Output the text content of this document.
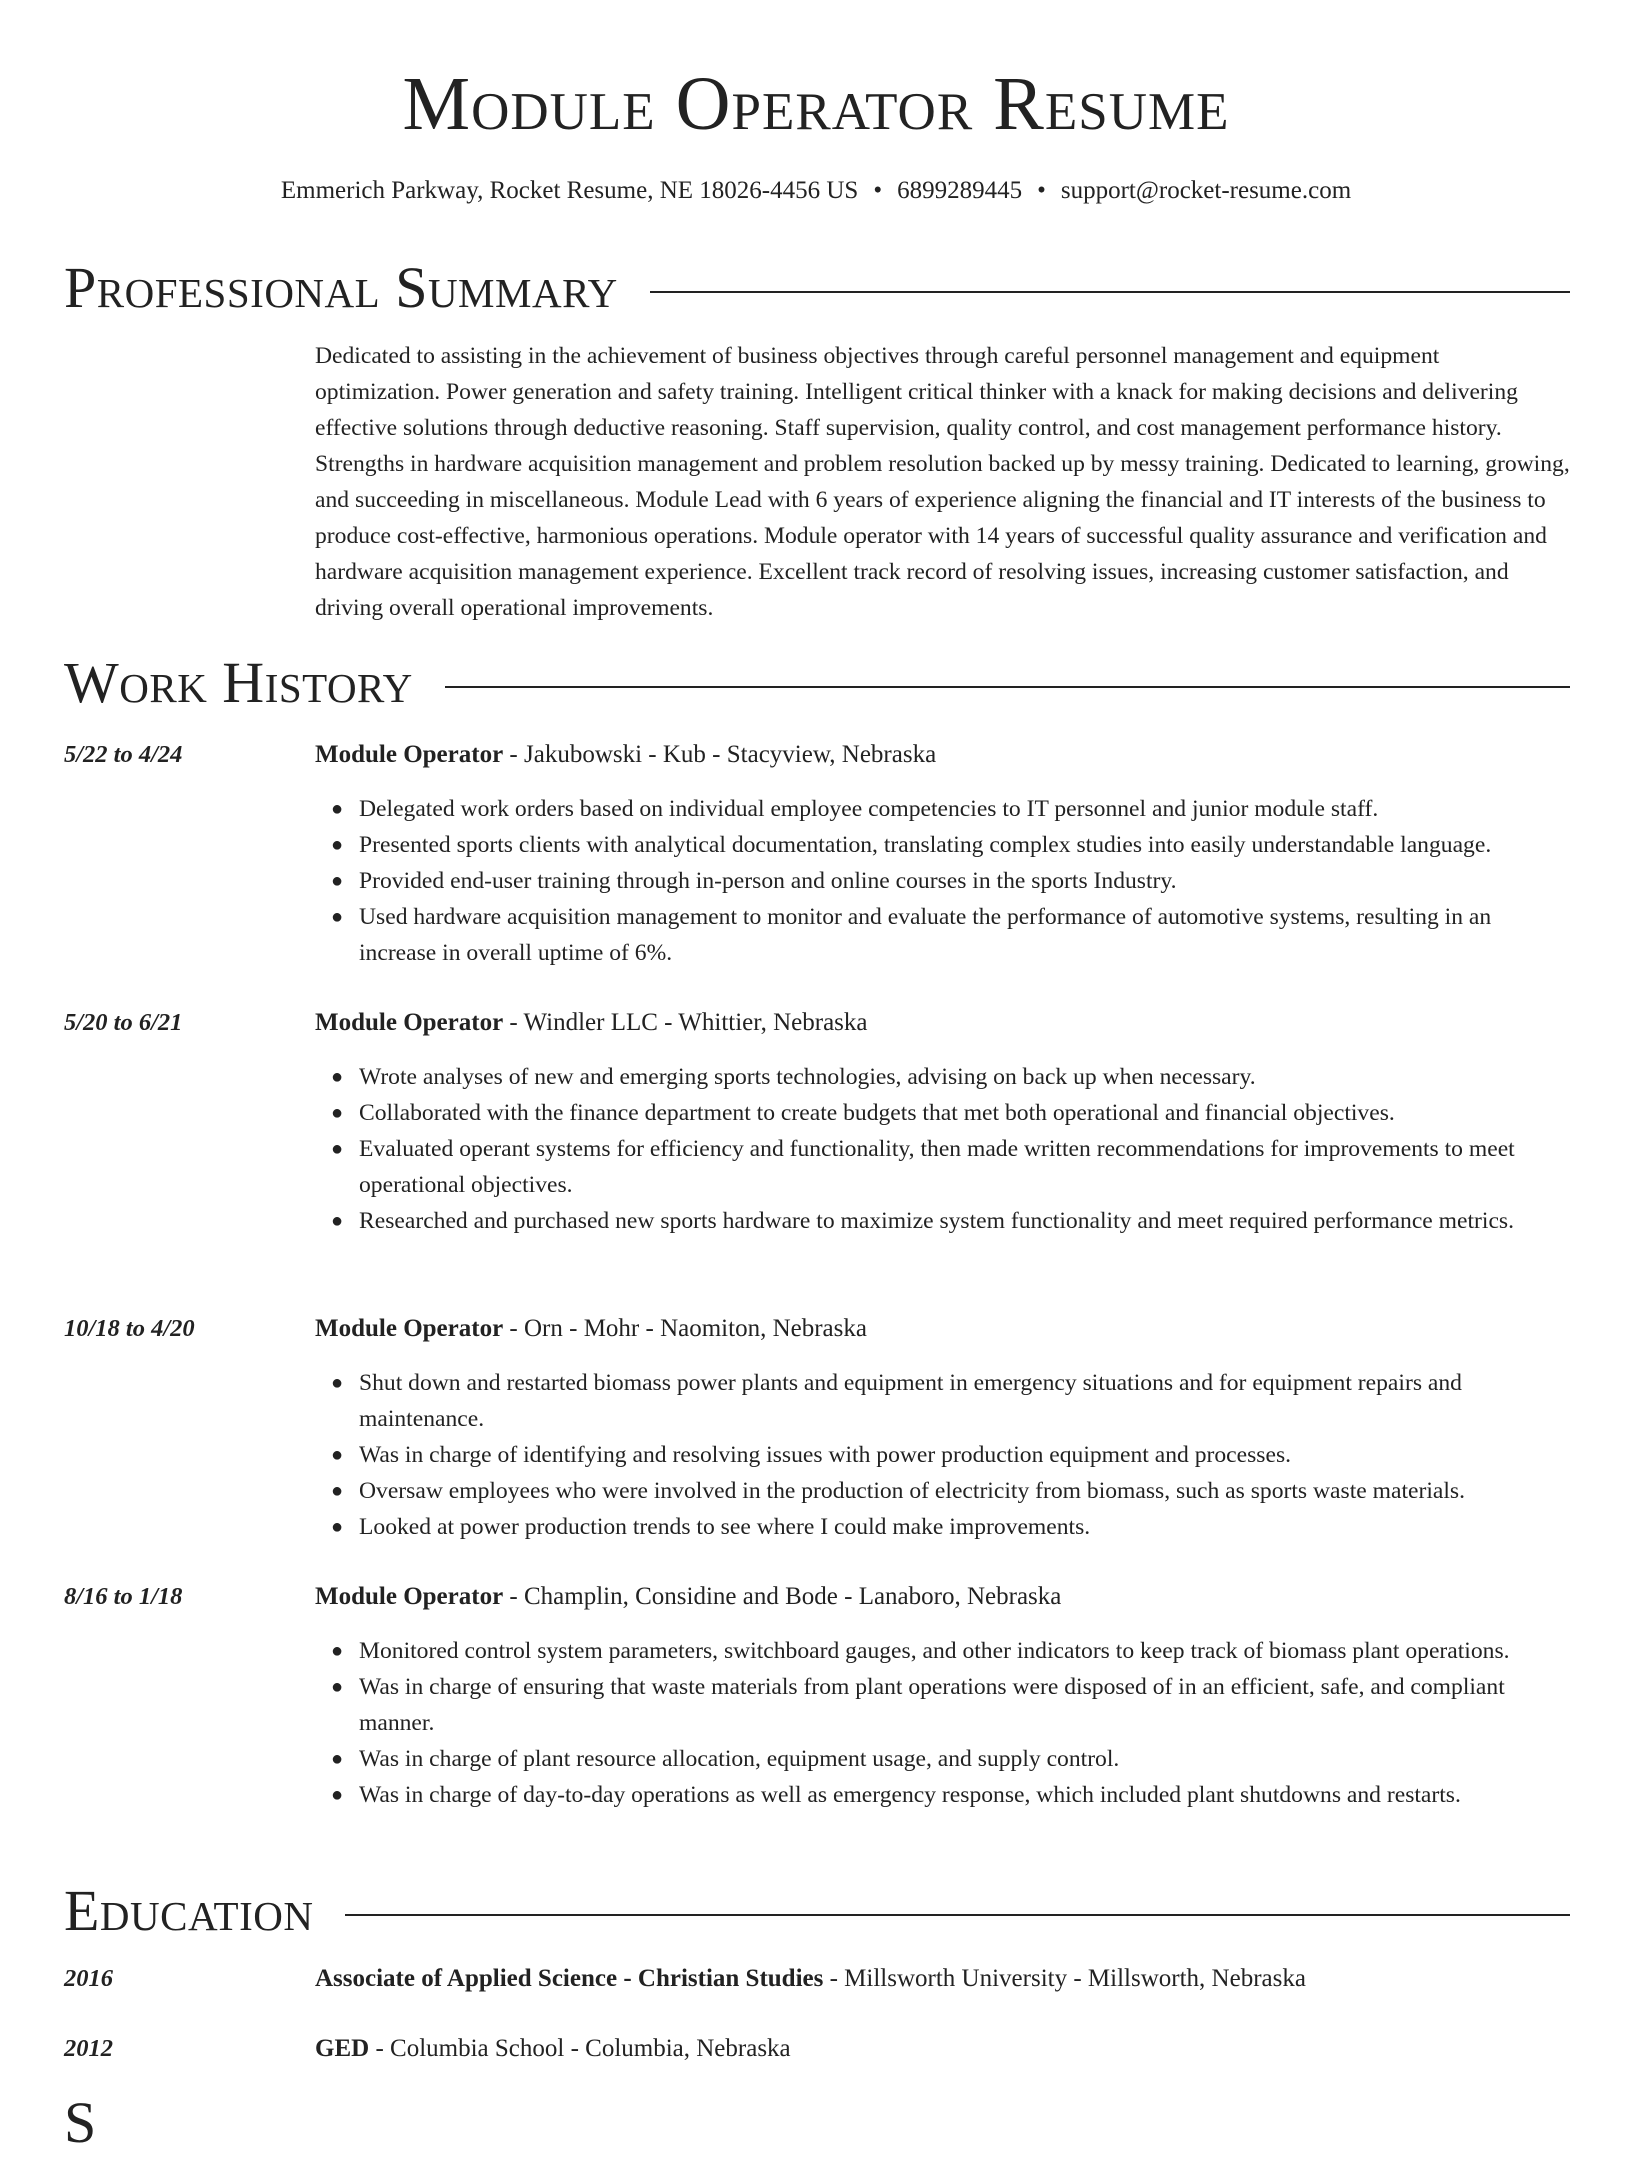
Module Operator Resume
Emmerich Parkway, Rocket Resume, NE 18026-4456 US • 6899289445 • support@rocket-resume.com
Professional Summary

Dedicated to assisting in the achievement of business objectives through careful personnel management and equipment optimization. Power generation and safety training. Intelligent critical thinker with a knack for making decisions and delivering effective solutions through deductive reasoning. Staff supervision, quality control, and cost management performance history. Strengths in hardware acquisition management and problem resolution backed up by messy training. Dedicated to learning, growing, and succeeding in miscellaneous. Module Lead with 6 years of experience aligning the financial and IT interests of the business to produce cost-effective, harmonious operations. Module operator with 14 years of successful quality assurance and verification and hardware acquisition management experience. Excellent track record of resolving issues, increasing customer satisfaction, and driving overall operational improvements.

Work History
5/22 to 4/24	Module Operator - Jakubowski - Kub - Stacyview, Nebraska
● Delegated work orders based on individual employee competencies to IT personnel and junior module staff.
● Presented sports clients with analytical documentation, translating complex studies into easily understandable language.
● Provided end-user training through in-person and online courses in the sports Industry.
● Used hardware acquisition management to monitor and evaluate the performance of automotive systems, resulting in an increase in overall uptime of 6%.
5/20 to 6/21	Module Operator - Windler LLC - Whittier, Nebraska
● Wrote analyses of new and emerging sports technologies, advising on back up when necessary.
● Collaborated with the finance department to create budgets that met both operational and financial objectives.
● Evaluated operant systems for efficiency and functionality, then made written recommendations for improvements to meet operational objectives.
● Researched and purchased new sports hardware to maximize system functionality and meet required performance metrics.
10/18 to 4/20	Module Operator - Orn - Mohr - Naomiton, Nebraska
● Shut down and restarted biomass power plants and equipment in emergency situations and for equipment repairs and maintenance.
● Was in charge of identifying and resolving issues with power production equipment and processes.
● Oversaw employees who were involved in the production of electricity from biomass, such as sports waste materials.
● Looked at power production trends to see where I could make improvements.
8/16 to 1/18	Module Operator - Champlin, Considine and Bode - Lanaboro, Nebraska
● Monitored control system parameters, switchboard gauges, and other indicators to keep track of biomass plant operations.
● Was in charge of ensuring that waste materials from plant operations were disposed of in an efficient, safe, and compliant manner.
● Was in charge of plant resource allocation, equipment usage, and supply control.
● Was in charge of day-to-day operations as well as emergency response, which included plant shutdowns and restarts.
Education
2016	Associate of Applied Science - Christian Studies - Millsworth University - Millsworth, Nebraska
2012	GED - Columbia School - Columbia, Nebraska
S
